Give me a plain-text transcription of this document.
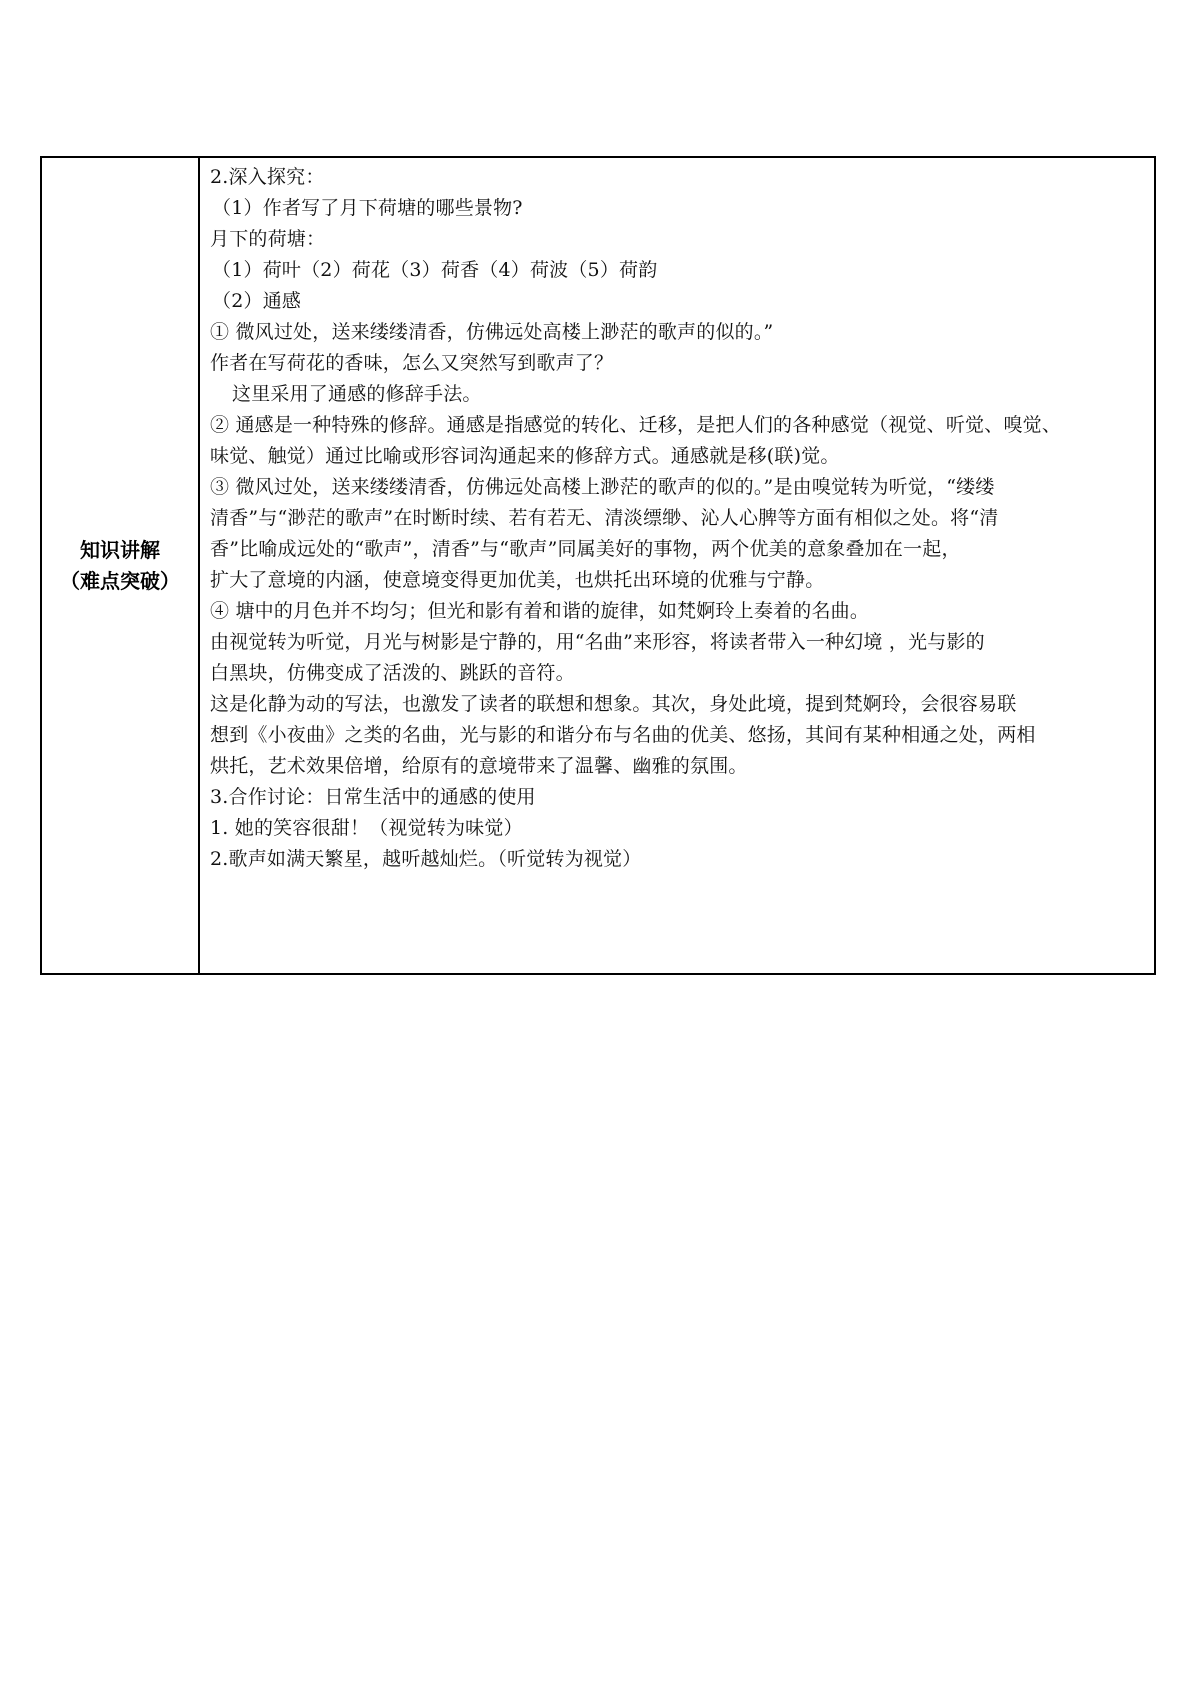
知识讲解
（难点突破）

2.深入探究：
（1）作者写了月下荷塘的哪些景物?
月下的荷塘：
（1）荷叶（2）荷花（3）荷香（4）荷波（5）荷韵
（2）通感
① 微风过处，送来缕缕清香，仿佛远处高楼上渺茫的歌声的似的。”
作者在写荷花的香味，怎么又突然写到歌声了？
这里采用了通感的修辞手法。
② 通感是一种特殊的修辞。通感是指感觉的转化、迁移，是把人们的各种感觉（视觉、听觉、嗅觉、
味觉、触觉）通过比喻或形容词沟通起来的修辞方式。通感就是移(联)觉。
③ 微风过处，送来缕缕清香，仿佛远处高楼上渺茫的歌声的似的。”是由嗅觉转为听觉，“缕缕
清香”与“渺茫的歌声”在时断时续、若有若无、清淡缥缈、沁人心脾等方面有相似之处。将“清
香”比喻成远处的“歌声”，清香”与“歌声”同属美好的事物，两个优美的意象叠加在一起，
扩大了意境的内涵，使意境变得更加优美，也烘托出环境的优雅与宁静。
④ 塘中的月色并不均匀；但光和影有着和谐的旋律，如梵婀玲上奏着的名曲。
由视觉转为听觉，月光与树影是宁静的，用“名曲”来形容，将读者带入一种幻境 ，光与影的
白黑块，仿佛变成了活泼的、跳跃的音符。
这是化静为动的写法，也激发了读者的联想和想象。其次，身处此境，提到梵婀玲，会很容易联
想到《小夜曲》之类的名曲，光与影的和谐分布与名曲的优美、悠扬，其间有某种相通之处，两相
烘托，艺术效果倍增，给原有的意境带来了温馨、幽雅的氛围。
3.合作讨论：日常生活中的通感的使用
1. 她的笑容很甜！（视觉转为味觉）
2.歌声如满天繁星，越听越灿烂。（听觉转为视觉）
